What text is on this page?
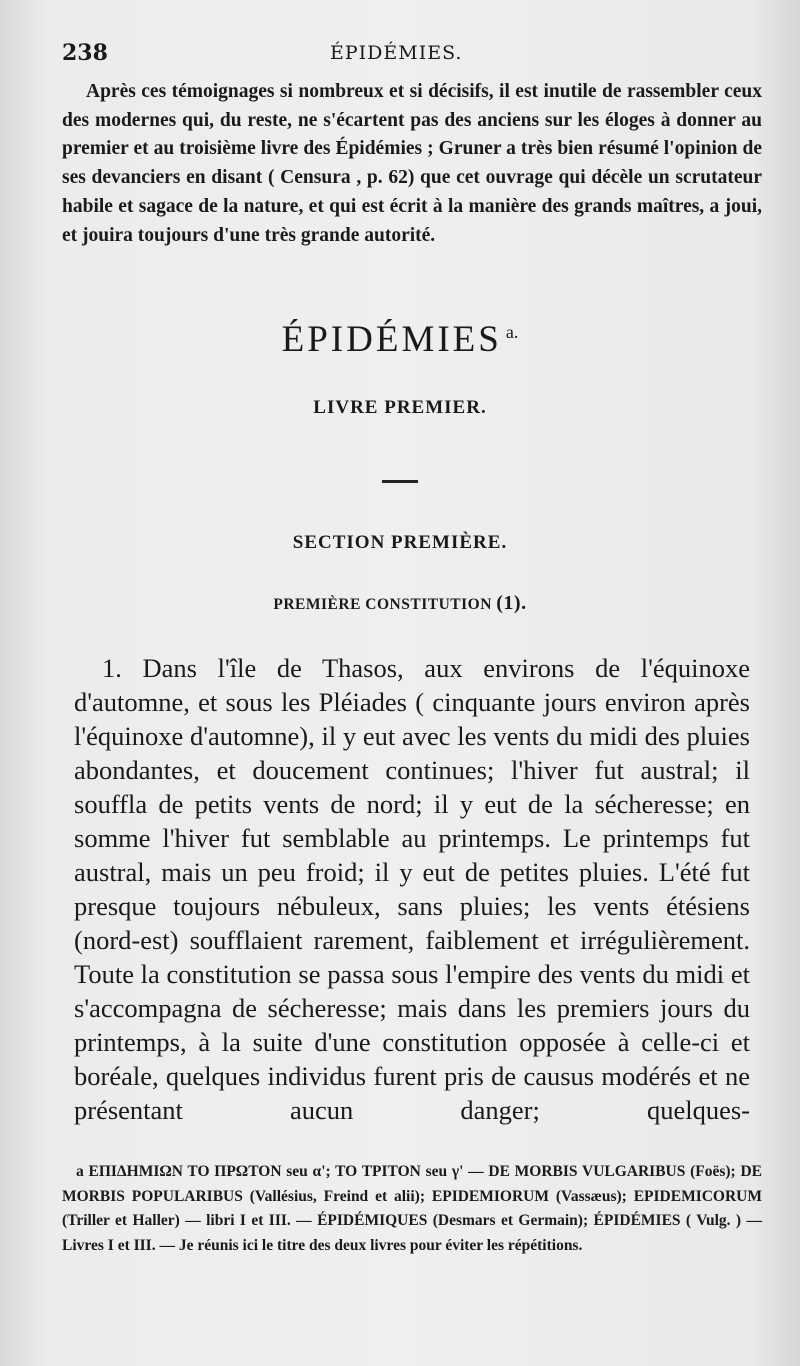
238	ÉPIDÉMIES.

Après ces témoignages si nombreux et si décisifs, il est inutile de rassembler ceux des modernes qui, du reste, ne s'écartent pas des anciens sur les éloges à donner au premier et au troisième livre des Épidémies ; Gruner a très bien résumé l'opinion de ses devanciers en disant ( Censura , p. 62) que cet ouvrage qui décèle un scrutateur habile et sagace de la nature, et qui est écrit à la manière des grands maîtres, a joui, et jouira toujours d'une très grande autorité.

ÉPIDÉMIES $^{a.}$
LIVRE PREMIER.
SECTION PREMIÈRE.
PREMIÈRE CONSTITUTION (1).

1. Dans l'île de Thasos, aux environs de l'équinoxe d'automne, et sous les Pléiades ( cinquante jours environ après l'équinoxe d'automne), il y eut avec les vents du midi des pluies abondantes, et doucement continues; l'hiver fut austral; il souffla de petits vents de nord; il y eut de la sécheresse; en somme l'hiver fut semblable au printemps. Le printemps fut austral, mais un peu froid; il y eut de petites pluies. L'été fut presque toujours nébuleux, sans pluies; les vents étésiens (nord-est) soufflaient rarement, faiblement et irrégulièrement. Toute la constitution se passa sous l'empire des vents du midi et s'accompagna de sécheresse; mais dans les premiers jours du printemps, à la suite d'une constitution opposée à celle-ci et boréale, quelques individus furent pris de causus modérés et ne présentant aucun danger; quelques-

a ΕΠΙΔΗΜΙΩΝ ΤΟ ΠΡΩΤΟΝ seu α'; ΤΟ ΤΡΙΤΟΝ seu γ' — DE MORBIS VULGARIBUS (Foës); DE MORBIS POPULARIBUS (Vallésius, Freind et alii); EPIDEMIORUM (Vassæus); EPIDEMICORUM (Triller et Haller) — libri I et III. — ÉPIDÉMIQUES (Desmars et Germain); ÉPIDÉMIES ( Vulg. ) — Livres I et III. — Je réunis ici le titre des deux livres pour éviter les répétitions.
